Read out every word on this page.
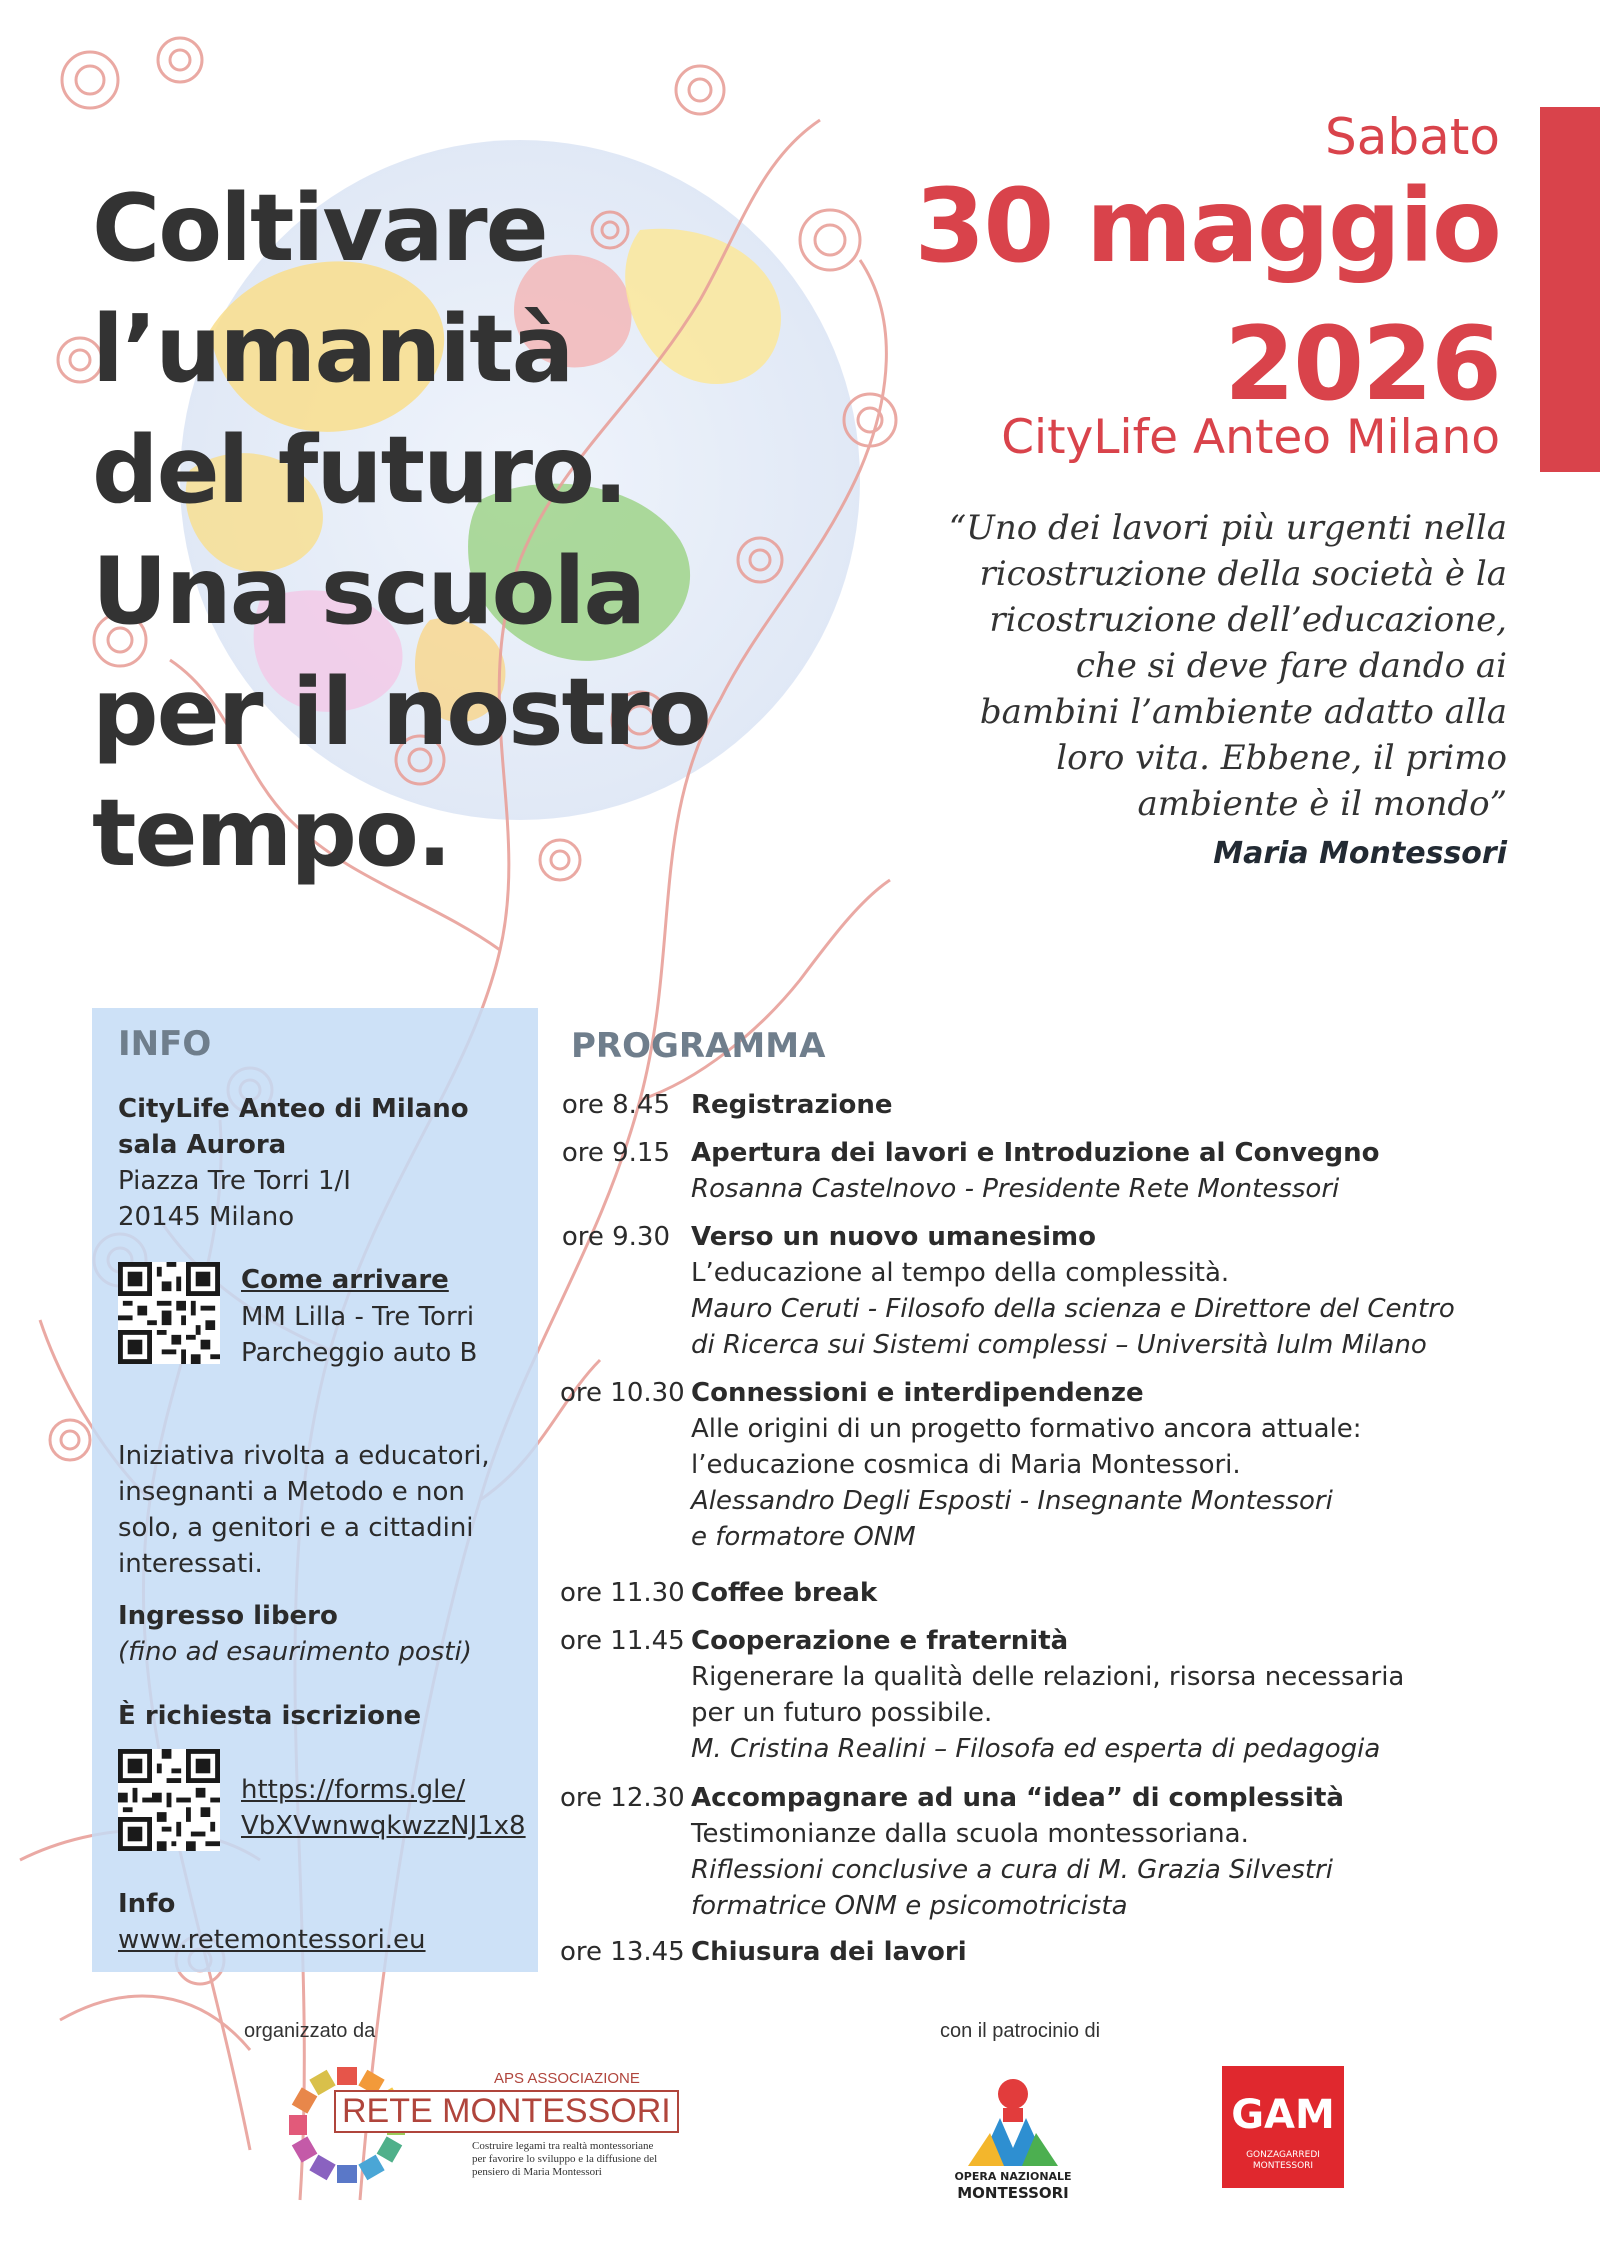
Coltivare
l’umanità
del futuro.
Una scuola
per il nostro
tempo.
Sabato
30 maggio
2026
CityLife Anteo Milano
“Uno dei lavori più urgenti nella
ricostruzione della società è la
ricostruzione dell’educazione,
che si deve fare dando ai
bambini l’ambiente adatto alla
loro vita. Ebbene, il primo
ambiente è il mondo”
Maria Montessori
INFO
CityLife Anteo di Milano
sala Aurora
Piazza Tre Torri 1/I
20145 Milano
Come arrivare
MM Lilla - Tre Torri
Parcheggio auto B
Iniziativa rivolta a educatori,
insegnanti a Metodo e non
solo, a genitori e a cittadini
interessati.
Ingresso libero
(fino ad esaurimento posti)
È richiesta iscrizione
https://forms.gle/
VbXVwnwqkwzzNJ1x8
Info
www.retemontessori.eu
PROGRAMMA
ore 8.45 Registrazione
ore 9.15 Apertura dei lavori e Introduzione al Convegno
Rosanna Castelnovo - Presidente Rete Montessori
ore 9.30 Verso un nuovo umanesimo
L’educazione al tempo della complessità.
Mauro Ceruti - Filosofo della scienza e Direttore del Centro
di Ricerca sui Sistemi complessi – Università Iulm Milano
ore 10.30 Connessioni e interdipendenze
Alle origini di un progetto formativo ancora attuale:
l’educazione cosmica di Maria Montessori.
Alessandro Degli Esposti - Insegnante Montessori
e formatore ONM
ore 11.30 Coffee break
ore 11.45 Cooperazione e fraternità
Rigenerare la qualità delle relazioni, risorsa necessaria
per un futuro possibile.
M. Cristina Realini – Filosofa ed esperta di pedagogia
ore 12.30 Accompagnare ad una “idea” di complessità
Testimonianze dalla scuola montessoriana.
Riflessioni conclusive a cura di M. Grazia Silvestri
formatrice ONM e psicomotricista
ore 13.45 Chiusura dei lavori
organizzato da	con il patrocinio di
APS ASSOCIAZIONE
RETE MONTESSORI
Costruire legami tra realtà montessoriane
per favorire lo sviluppo e la diffusione del
pensiero di Maria Montessori	OPERA NAZIONALE
MONTESSORI
GAM
GONZAGARREDI MONTESSORI
